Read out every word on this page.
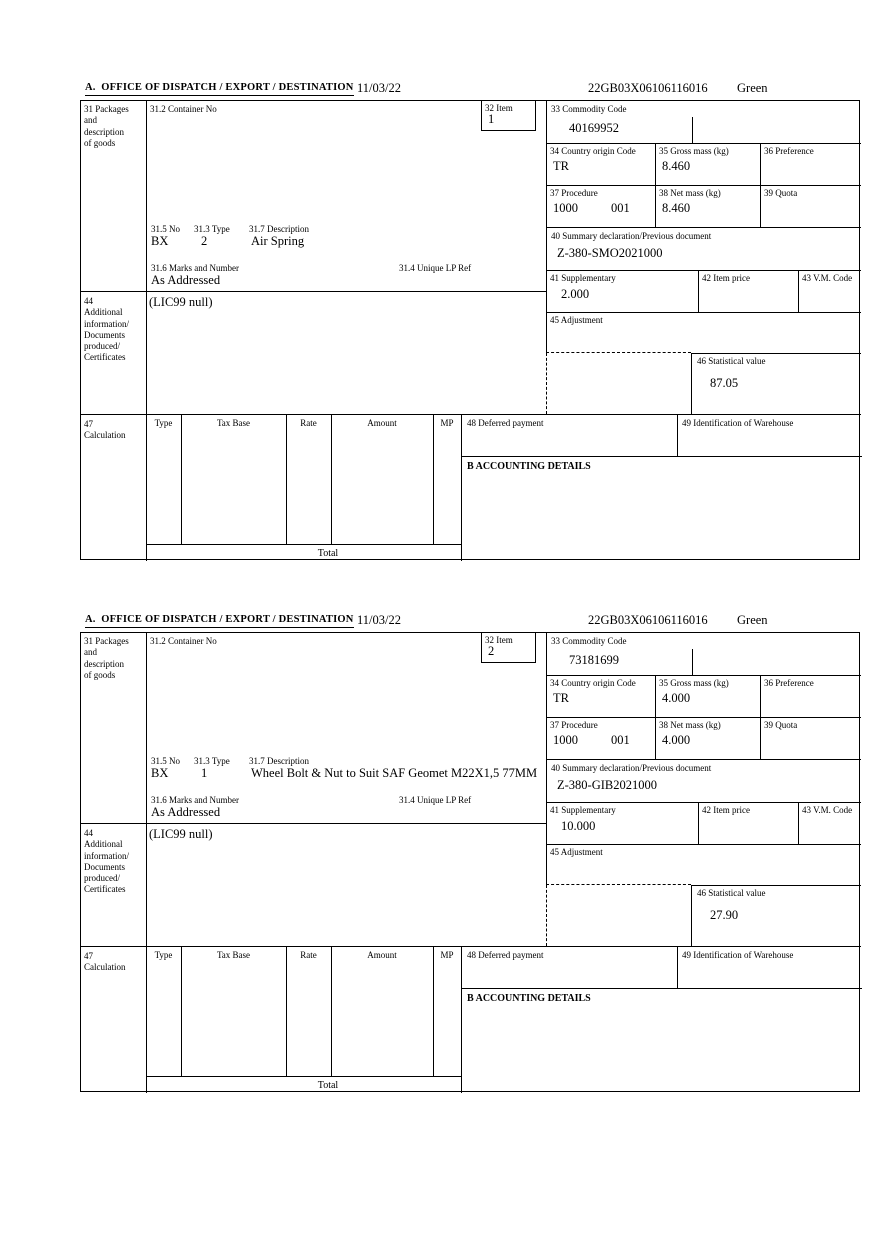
A.  OFFICE OF DISPATCH / EXPORT / DESTINATION 11/03/22	22GB03X06106116016 Green
31 Packages
and
description
of goods
44
Additional
information/
Documents
produced/
Certificates
47
Calculation
31.2 Container No	32 Item
1
31.5 No 31.3 Type 31.7 Description
BX	2	Air Spring
31.6 Marks and Number	31.4 Unique LP Ref
As Addressed
(LIC99 null)
33 Commodity Code
40169952
34 Country origin Code
TR
35 Gross mass (kg)
8.460
36 Preference
37 Procedure
1000	001
38 Net mass (kg)
8.460
39 Quota
40 Summary declaration/Previous document
Z-380-SMO2021000
41 Supplementary
2.000
42 Item price	43 V.M. Code
45 Adjustment
46 Statistical value
87.05
Type	Tax Base	Rate	Amount	MP
Total
48 Deferred payment	49 Identification of Warehouse
B ACCOUNTING DETAILS
A.  OFFICE OF DISPATCH / EXPORT / DESTINATION 11/03/22	22GB03X06106116016 Green
31 Packages
and
description
of goods
44
Additional
information/
Documents
produced/
Certificates
47
Calculation
31.2 Container No	32 Item
2
31.5 No 31.3 Type 31.7 Description
BX	1	Wheel Bolt & Nut to Suit SAF Geomet M22X1,5 77MM
31.6 Marks and Number	31.4 Unique LP Ref
As Addressed
(LIC99 null)
33 Commodity Code
73181699
34 Country origin Code
TR
35 Gross mass (kg)
4.000
36 Preference
37 Procedure
1000	001
38 Net mass (kg)
4.000
39 Quota
40 Summary declaration/Previous document
Z-380-GIB2021000
41 Supplementary
10.000
42 Item price	43 V.M. Code
45 Adjustment
46 Statistical value
27.90
Type	Tax Base	Rate	Amount	MP
Total
48 Deferred payment	49 Identification of Warehouse
B ACCOUNTING DETAILS
